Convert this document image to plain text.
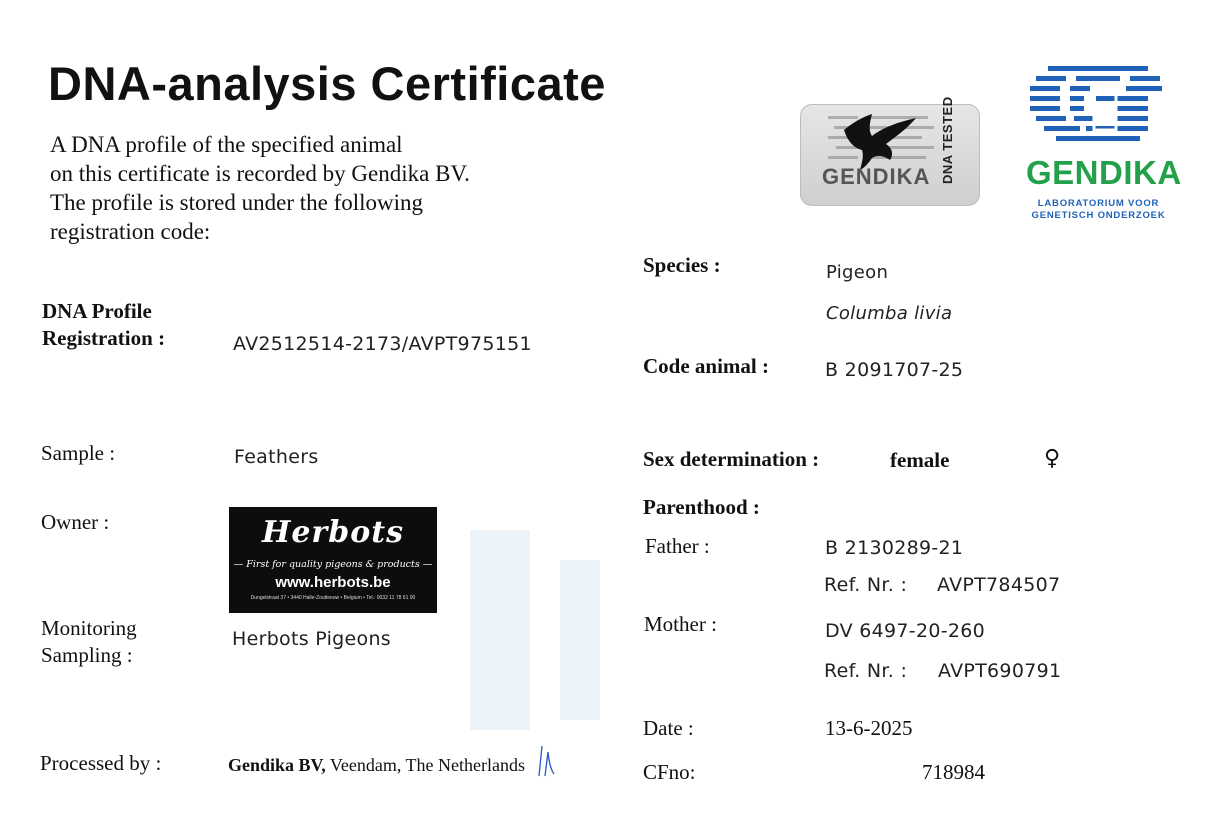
DNA-analysis Certificate
A DNA profile of the specified animal
on this certificate is recorded by Gendika BV.
The profile is stored under the following
registration code:
GENDIKA DNA TESTED GENDIKA
LABORATORIUM VOOR
GENETISCH ONDERZOEK
DNA Profile
Registration :	AV2512514-2173/AVPT975151
Sample :	Feathers
Owner :	Herbots
— First for quality pigeons & products —
www.herbots.be
Dungelstraat 37 • 3440 Halle-Zoutleeuw • Belgium • Tel.: 0032 11 78 61 00
Monitoring
Sampling :
Herbots Pigeons
Processed by :	Gendika BV, Veendam, The Netherlands
Species :	Pigeon
Columba livia
Code animal :	B 2091707-25
Sex determination :	female	♀
Parenthood :
Father :	B 2130289-21
Ref. Nr. : AVPT784507
Mother :	DV 6497-20-260
Ref. Nr. : AVPT690791
Date :	13-6-2025
CFno:	718984
